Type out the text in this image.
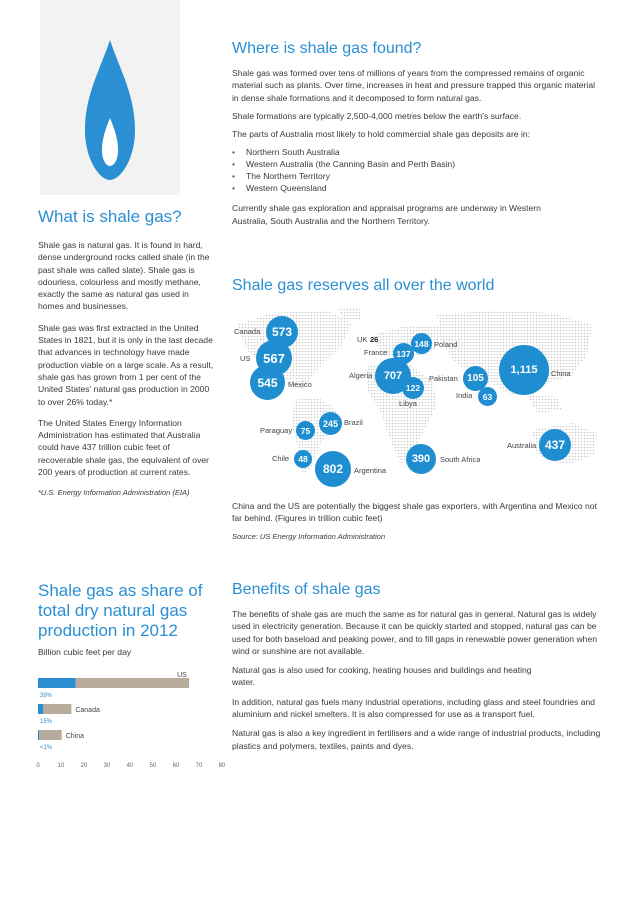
What is shale gas?

Shale gas is natural gas. It is found in hard, dense underground rocks called shale (in the past shale was called slate). Shale gas is odourless, colourless and mostly methane, exactly the same as natural gas used in homes and businesses.

Shale gas was first extracted in the United States in 1821, but it is only in the last decade that advances in technology have made production viable on a large scale. As a result, shale gas has grown from 1 per cent of the United States' natural gas production in 2000 to over 26% today.*

The United States Energy Information Administration has estimated that Australia could have 437 trillion cubic feet of recoverable shale gas, the equivalent of over 200 years of production at current rates.

*U.S. Energy Information Administration (EIA)

Shale gas as share of total dry natural gas production in 2012
Billion cubic feet per day
US
39%
Canada
15%
China
<1%
0	10	20	30	40	50	60	70	80
Where is shale gas found?

Shale gas was formed over tens of millions of years from the compressed remains of organic material such as plants. Over time, increases in heat and pressure trapped this organic material in dense shale formations and it decomposed to form natural gas.

Shale formations are typically 2,500-4,000 metres below the earth's surface.

The parts of Australia most likely to hold commercial shale gas deposits are in:

• Northern South Australia
• Western Australia (the Canning Basin and Perth Basin)
• The Northern Territory
• Western Queensland

Currently shale gas exploration and appraisal programs are underway in Western Australia, South Australia and the Northern Territory.

Shale gas reserves all over the world
573
Canada
567
US
545	Mexico
UK 26	148 Poland
137
France
707
Algeria	105
Pakistan
122
Libya
63
India
1,115	China
245 Brazil
75
Paraguay
48
Chile
802	Argentina
390	South Africa
437
Australia

China and the US are potentially the biggest shale gas exporters, with Argentina and Mexico not far behind. (Figures in trillion cubic feet)

Source: US Energy Information Administration

Benefits of shale gas

The benefits of shale gas are much the same as for natural gas in general. Natural gas is widely used in electricity generation. Because it can be quickly started and stopped, natural gas can be used for both baseload and peaking power, and to fill gaps in renewable power generation when wind or sunshine are not available.

Natural gas is also used for cooking, heating houses and buildings and heating water.

In addition, natural gas fuels many industrial operations, including glass and steel foundries and aluminium and nickel smelters. It is also compressed for use as a transport fuel.

Natural gas is also a key ingredient in fertilisers and a wide range of industrial products, including plastics and polymers, textiles, paints and dyes.
